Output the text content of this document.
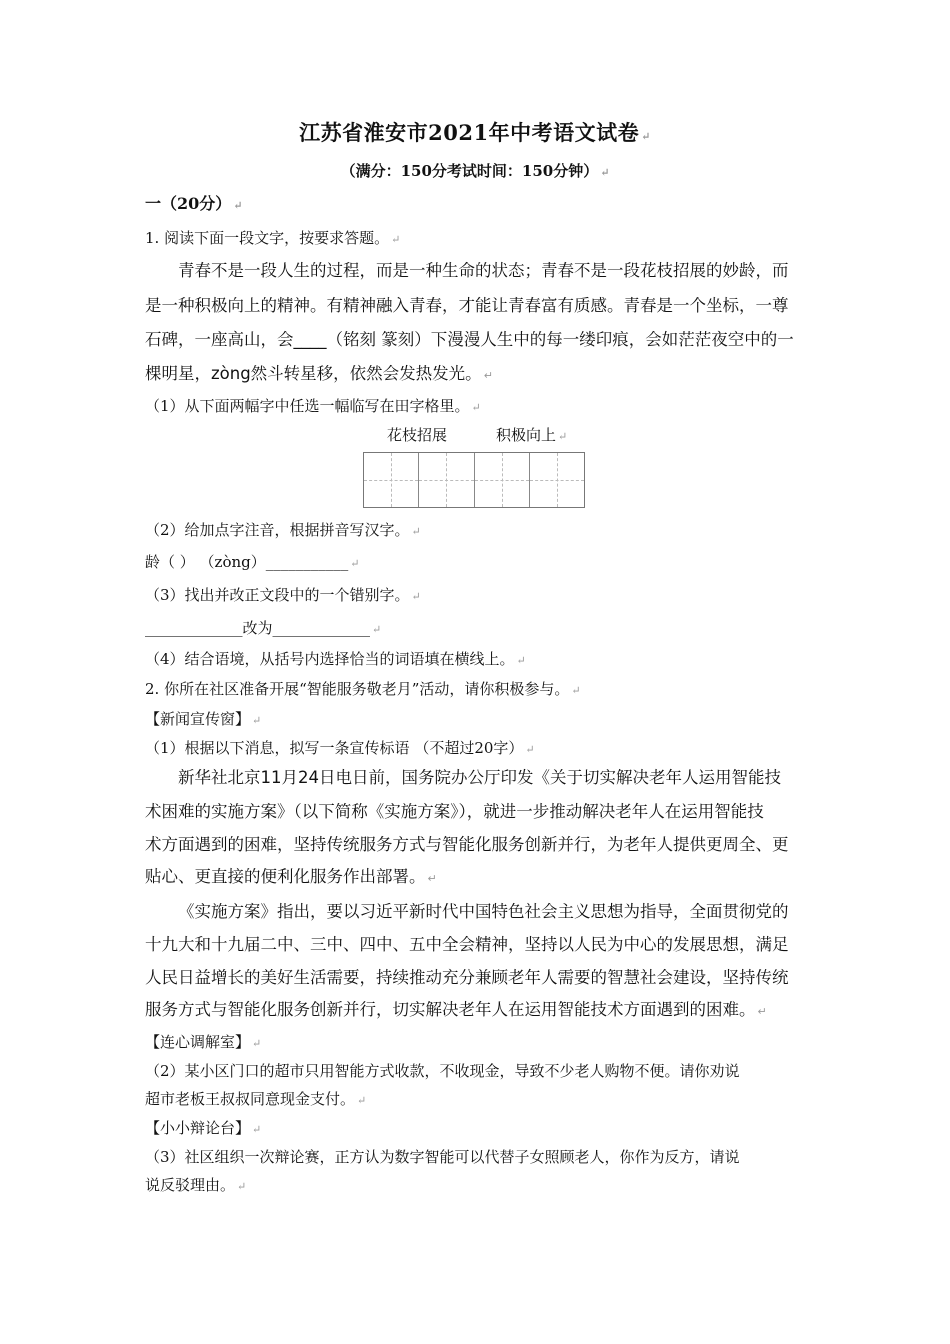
江苏省淮安市2021年中考语文试卷 ↵
（满分：150分考试时间：150分钟） ↵
一（20分） ↵
1. 阅读下面一段文字，按要求答题。 ↵
青春不是一段人生的过程，而是一种生命的状态；青春不是一段花枝招展的妙龄，而
是一种积极向上的精神。有精神融入青春，才能让青春富有质感。青春是一个坐标，一尊
石碑，一座高山，会____（铭刻 篆刻）下漫漫人生中的每一缕印痕，会如茫茫夜空中的一
棵明星，zòng然斗转星移，依然会发热发光。 ↵
（1）从下面两幅字中任选一幅临写在田字格里。 ↵
花枝招展	积极向上 ↵
（2）给加点字注音，根据拼音写汉字。 ↵
龄（ ） （zòng）___________ ↵
（3）找出并改正文段中的一个错别字。 ↵
_____________改为_____________ ↵
（4）结合语境，从括号内选择恰当的词语填在横线上。 ↵
2. 你所在社区准备开展“智能服务敬老月”活动，请你积极参与。 ↵
【新闻宣传窗】 ↵
（1）根据以下消息，拟写一条宣传标语 （不超过20字） ↵
新华社北京11月24日电日前，国务院办公厅印发《关于切实解决老年人运用智能技
术困难的实施方案》（以下简称《实施方案》），就进一步推动解决老年人在运用智能技
术方面遇到的困难，坚持传统服务方式与智能化服务创新并行，为老年人提供更周全、更
贴心、更直接的便利化服务作出部署。 ↵
《实施方案》指出，要以习近平新时代中国特色社会主义思想为指导，全面贯彻党的
十九大和十九届二中、三中、四中、五中全会精神，坚持以人民为中心的发展思想，满足
人民日益增长的美好生活需要，持续推动充分兼顾老年人需要的智慧社会建设，坚持传统
服务方式与智能化服务创新并行，切实解决老年人在运用智能技术方面遇到的困难。 ↵
【连心调解室】 ↵
（2）某小区门口的超市只用智能方式收款，不收现金，导致不少老人购物不便。请你劝说
超市老板王叔叔同意现金支付。 ↵
【小小辩论台】 ↵
（3）社区组织一次辩论赛，正方认为数字智能可以代替子女照顾老人，你作为反方，请说
说反驳理由。 ↵
